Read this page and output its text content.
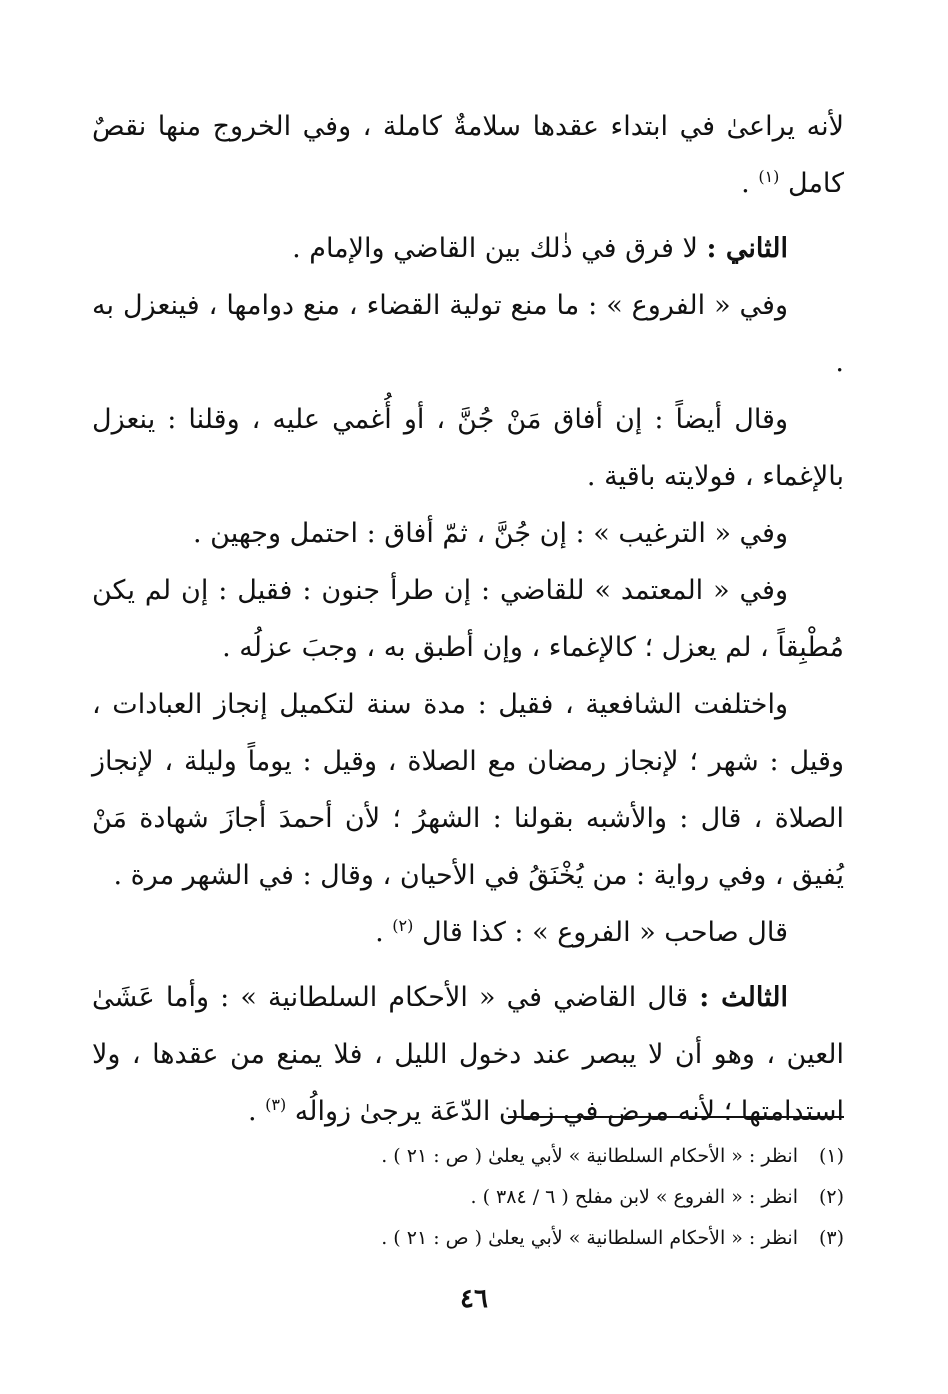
لأنه يراعىٰ في ابتداء عقدها سلامةٌ كاملة ، وفي الخروج منها نقصٌ كامل $^{(١)}$ .

الثاني : لا فرق في ذٰلك بين القاضي والإمام .

وفي « الفروع » : ما منع تولية القضاء ، منع دوامها ، فينعزل به .

وقال أيضاً : إن أفاق مَنْ جُنَّ ، أو أُغمي عليه ، وقلنا : ينعزل بالإغماء ، فولايته باقية .

وفي « الترغيب » : إن جُنَّ ، ثمّ أفاق : احتمل وجهين .

وفي « المعتمد » للقاضي : إن طرأ جنون : فقيل : إن لم يكن مُطْبِقاً ، لم يعزل ؛ كالإغماء ، وإن أطبق به ، وجبَ عزلُه .

واختلفت الشافعية ، فقيل : مدة سنة لتكميل إنجاز العبادات ، وقيل : شهر ؛ لإنجاز رمضان مع الصلاة ، وقيل : يوماً وليلة ، لإنجاز الصلاة ، قال : والأشبه بقولنا : الشهرُ ؛ لأن أحمدَ أجازَ شهادة مَنْ يُفيق ، وفي رواية : من يُخْنَقُ في الأحيان ، وقال : في الشهر مرة .

قال صاحب « الفروع » : كذا قال $^{(٢)}$ .

الثالث : قال القاضي في « الأحكام السلطانية » : وأما عَشَىٰ العين ، وهو أن لا يبصر عند دخول الليل ، فلا يمنع من عقدها ، ولا استدامتها ؛ لأنه مرض في زمان الدّعَة يرجىٰ زوالُه $^{(٣)}$ .

(١)انظر : « الأحكام السلطانية » لأبي يعلىٰ ( ص : ٢١ ) .

(٢)انظر : « الفروع » لابن مفلح ( ٦ / ٣٨٤ ) .

(٣)انظر : « الأحكام السلطانية » لأبي يعلىٰ ( ص : ٢١ ) .

٤٦
